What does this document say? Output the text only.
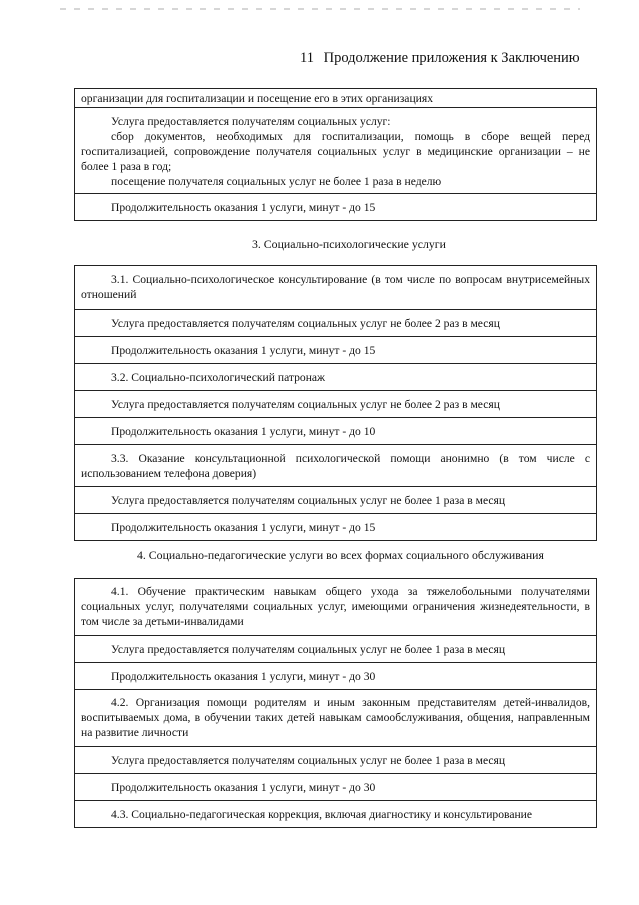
11 Продолжение приложения к Заключению
организации для госпитализации и посещение его в этих организациях
Услуга предоставляется получателям социальных услуг:
сбор документов, необходимых для госпитализации, помощь в сборе вещей перед госпитализацией, сопровождение получателя социальных услуг в медицинские организации – не более 1 раза в год;
посещение получателя социальных услуг не более 1 раза в неделю
Продолжительность оказания 1 услуги, минут - до 15
3. Социально-психологические услуги
3.1. Социально-психологическое консультирование (в том числе по вопросам внутрисемейных отношений
Услуга предоставляется получателям социальных услуг не более 2 раз в месяц
Продолжительность оказания 1 услуги, минут - до 15
3.2. Социально-психологический патронаж
Услуга предоставляется получателям социальных услуг не более 2 раз в месяц
Продолжительность оказания 1 услуги, минут - до 10
3.3. Оказание консультационной психологической помощи анонимно (в том числе с использованием телефона доверия)
Услуга предоставляется получателям социальных услуг не более 1 раза в месяц
Продолжительность оказания 1 услуги, минут - до 15
4. Социально-педагогические услуги во всех формах социального обслуживания
4.1. Обучение практическим навыкам общего ухода за тяжелобольными получателями социальных услуг, получателями социальных услуг, имеющими ограничения жизнедеятельности, в том числе за детьми-инвалидами
Услуга предоставляется получателям социальных услуг не более 1 раза в месяц
Продолжительность оказания 1 услуги, минут - до 30
4.2. Организация помощи родителям и иным законным представителям детей-инвалидов, воспитываемых дома, в обучении таких детей навыкам самообслуживания, общения, направленным на развитие личности
Услуга предоставляется получателям социальных услуг не более 1 раза в месяц
Продолжительность оказания 1 услуги, минут - до 30
4.3. Социально-педагогическая коррекция, включая диагностику и консультирование
